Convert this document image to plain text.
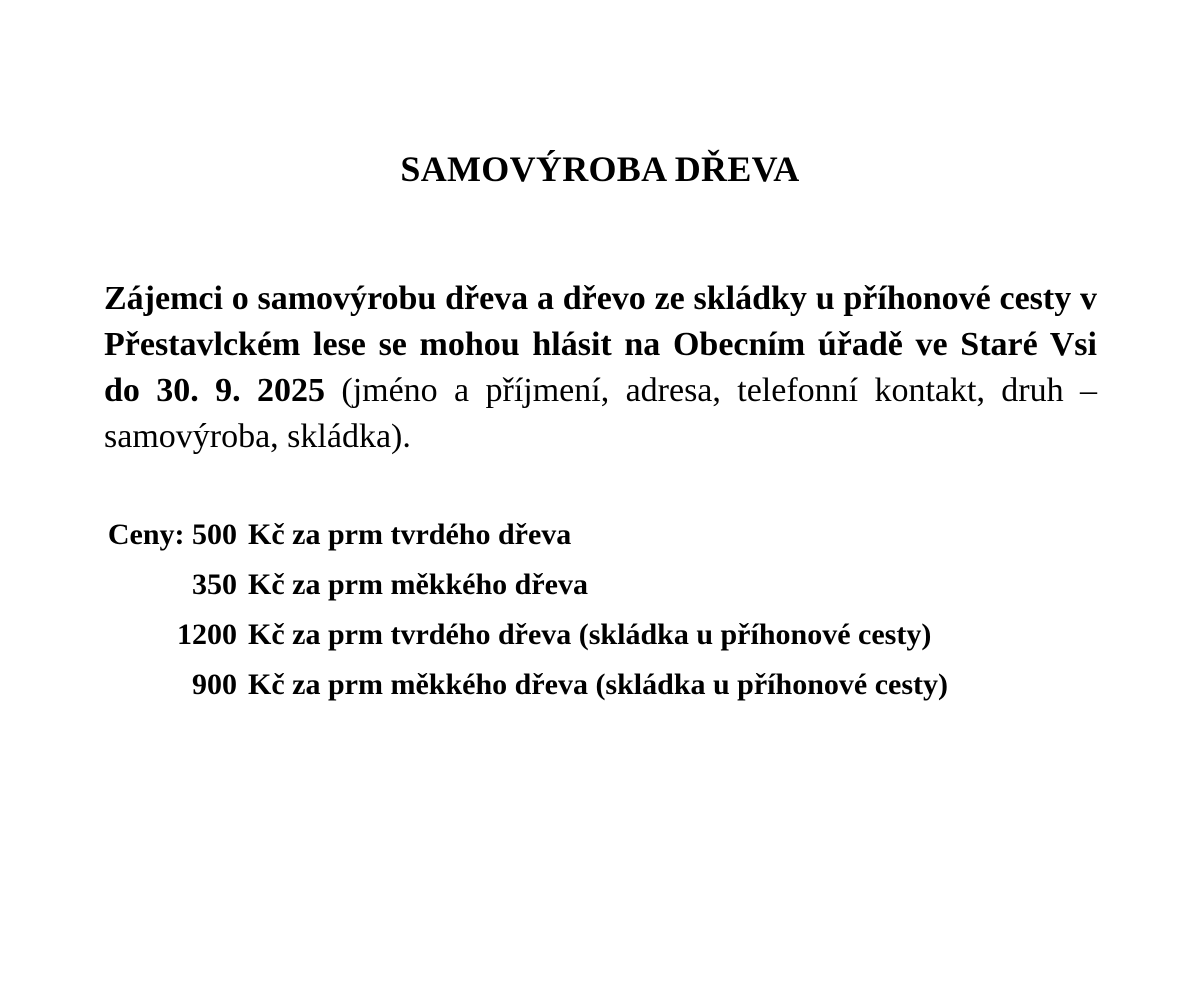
SAMOVÝROBA DŘEVA

Zájemci o samovýrobu dřeva a dřevo ze skládky u příhonové cesty v Přestavlckém lese se mohou hlásit na Obecním úřadě ve Staré Vsi do 30. 9. 2025 (jméno a příjmení, adresa, telefonní kontakt, druh – samovýroba, skládka).

Ceny: 500 Kč za prm tvrdého dřeva
350 Kč za prm měkkého dřeva
1200 Kč za prm tvrdého dřeva (skládka u příhonové cesty)
900 Kč za prm měkkého dřeva (skládka u příhonové cesty)
